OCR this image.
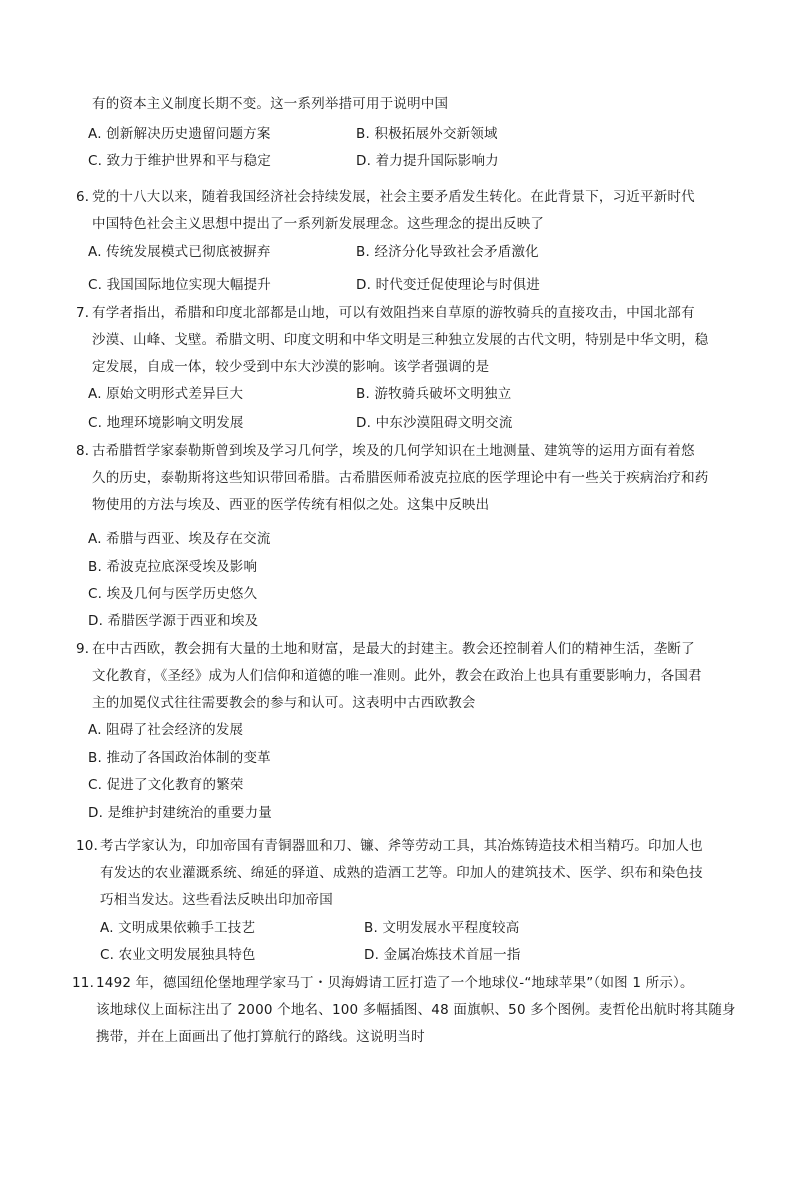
有的资本主义制度长期不变。这一系列举措可用于说明中国
A. 创新解决历史遗留问题方案	B. 积极拓展外交新领域
C. 致力于维护世界和平与稳定	D. 着力提升国际影响力
6．
党的十八大以来，随着我国经济社会持续发展，社会主要矛盾发生转化。在此背景下，习近平新时代
中国特色社会主义思想中提出了一系列新发展理念。这些理念的提出反映了
A. 传统发展模式已彻底被摒弃	B. 经济分化导致社会矛盾激化
C. 我国国际地位实现大幅提升	D. 时代变迁促使理论与时俱进
7．
有学者指出，希腊和印度北部都是山地，可以有效阻挡来自草原的游牧骑兵的直接攻击，中国北部有
沙漠、山峰、戈壁。希腊文明、印度文明和中华文明是三种独立发展的古代文明，特别是中华文明，稳
定发展，自成一体，较少受到中东大沙漠的影响。该学者强调的是
A. 原始文明形式差异巨大	B. 游牧骑兵破坏文明独立
C. 地理环境影响文明发展	D. 中东沙漠阻碍文明交流
8．
古希腊哲学家泰勒斯曾到埃及学习几何学，埃及的几何学知识在土地测量、建筑等的运用方面有着悠
久的历史，泰勒斯将这些知识带回希腊。古希腊医师希波克拉底的医学理论中有一些关于疾病治疗和药
物使用的方法与埃及、西亚的医学传统有相似之处。这集中反映出
A. 希腊与西亚、埃及存在交流
B. 希波克拉底深受埃及影响
C. 埃及几何与医学历史悠久
D. 希腊医学源于西亚和埃及
9．
在中古西欧，教会拥有大量的土地和财富，是最大的封建主。教会还控制着人们的精神生活，垄断了
文化教育，《圣经》成为人们信仰和道德的唯一准则。此外，教会在政治上也具有重要影响力，各国君
主的加冕仪式往往需要教会的参与和认可。这表明中古西欧教会
A. 阻碍了社会经济的发展
B. 推动了各国政治体制的变革
C. 促进了文化教育的繁荣
D. 是维护封建统治的重要力量
10．
考古学家认为，印加帝国有青铜器皿和刀、镰、斧等劳动工具，其冶炼铸造技术相当精巧。印加人也
有发达的农业灌溉系统、绵延的驿道、成熟的造酒工艺等。印加人的建筑技术、医学、织布和染色技
巧相当发达。这些看法反映出印加帝国
A. 文明成果依赖手工技艺	B. 文明发展水平程度较高
C. 农业文明发展独具特色	D. 金属冶炼技术首屈一指
11. 1492 年，德国纽伦堡地理学家马丁・贝海姆请工匠打造了一个地球仪-“地球苹果”（如图 1 所示）。
该地球仪上面标注出了 2000 个地名、100 多幅插图、48 面旗帜、50 多个图例。麦哲伦出航时将其随身
携带，并在上面画出了他打算航行的路线。这说明当时
